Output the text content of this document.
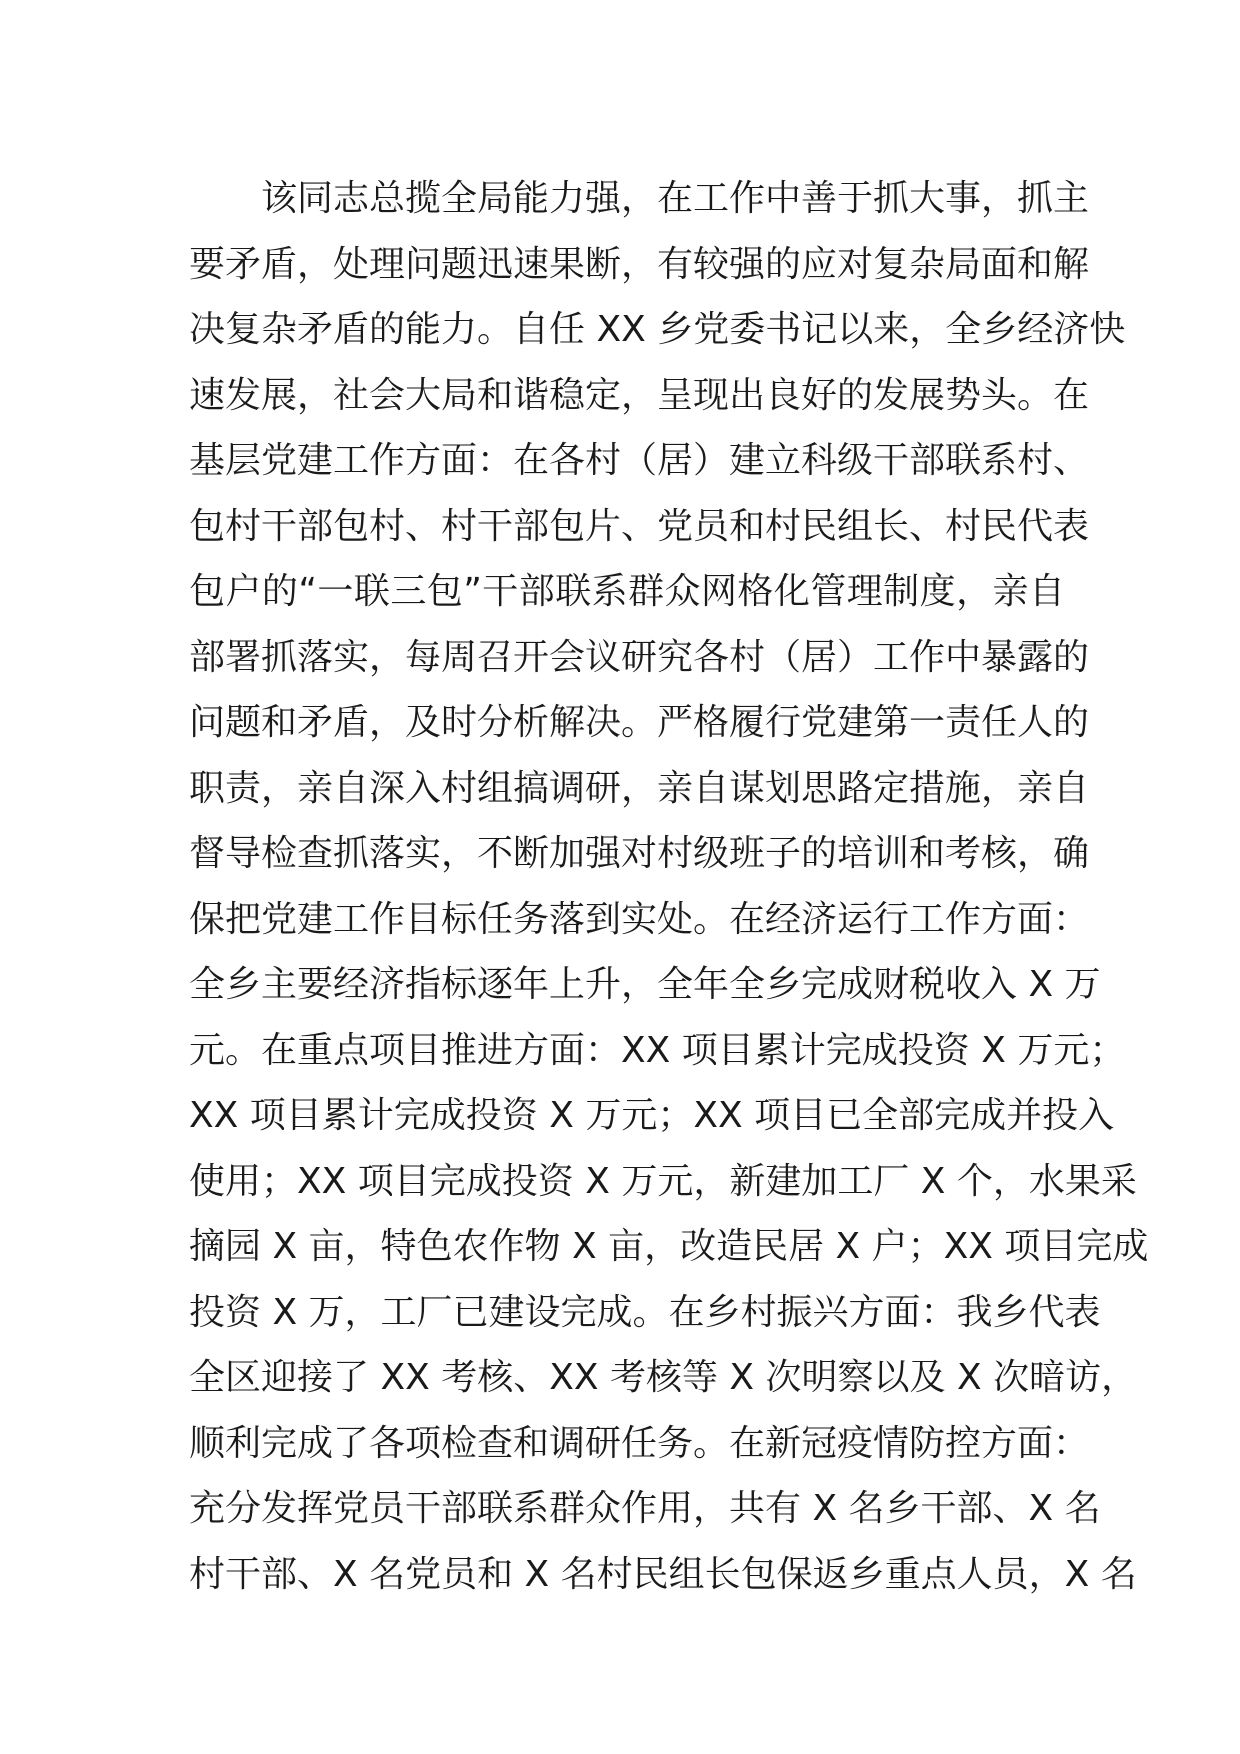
　　该同志总揽全局能力强，在工作中善于抓大事，抓主
要矛盾，处理问题迅速果断，有较强的应对复杂局面和解
决复杂矛盾的能力。自任 XX 乡党委书记以来，全乡经济快
速发展，社会大局和谐稳定，呈现出良好的发展势头。在
基层党建工作方面：在各村（居）建立科级干部联系村、
包村干部包村、村干部包片、党员和村民组长、村民代表
包户的“一联三包”干部联系群众网格化管理制度，亲自
部署抓落实，每周召开会议研究各村（居）工作中暴露的
问题和矛盾，及时分析解决。严格履行党建第一责任人的
职责，亲自深入村组搞调研，亲自谋划思路定措施，亲自
督导检查抓落实，不断加强对村级班子的培训和考核，确
保把党建工作目标任务落到实处。在经济运行工作方面：
全乡主要经济指标逐年上升，全年全乡完成财税收入 X 万
元。在重点项目推进方面：XX 项目累计完成投资 X 万元；
XX 项目累计完成投资 X 万元；XX 项目已全部完成并投入
使用；XX 项目完成投资 X 万元，新建加工厂 X 个，水果采
摘园 X 亩，特色农作物 X 亩，改造民居 X 户；XX 项目完成
投资 X 万，工厂已建设完成。在乡村振兴方面：我乡代表
全区迎接了 XX 考核、XX 考核等 X 次明察以及 X 次暗访，
顺利完成了各项检查和调研任务。在新冠疫情防控方面：
充分发挥党员干部联系群众作用，共有 X 名乡干部、X 名
村干部、X 名党员和 X 名村民组长包保返乡重点人员，X 名
